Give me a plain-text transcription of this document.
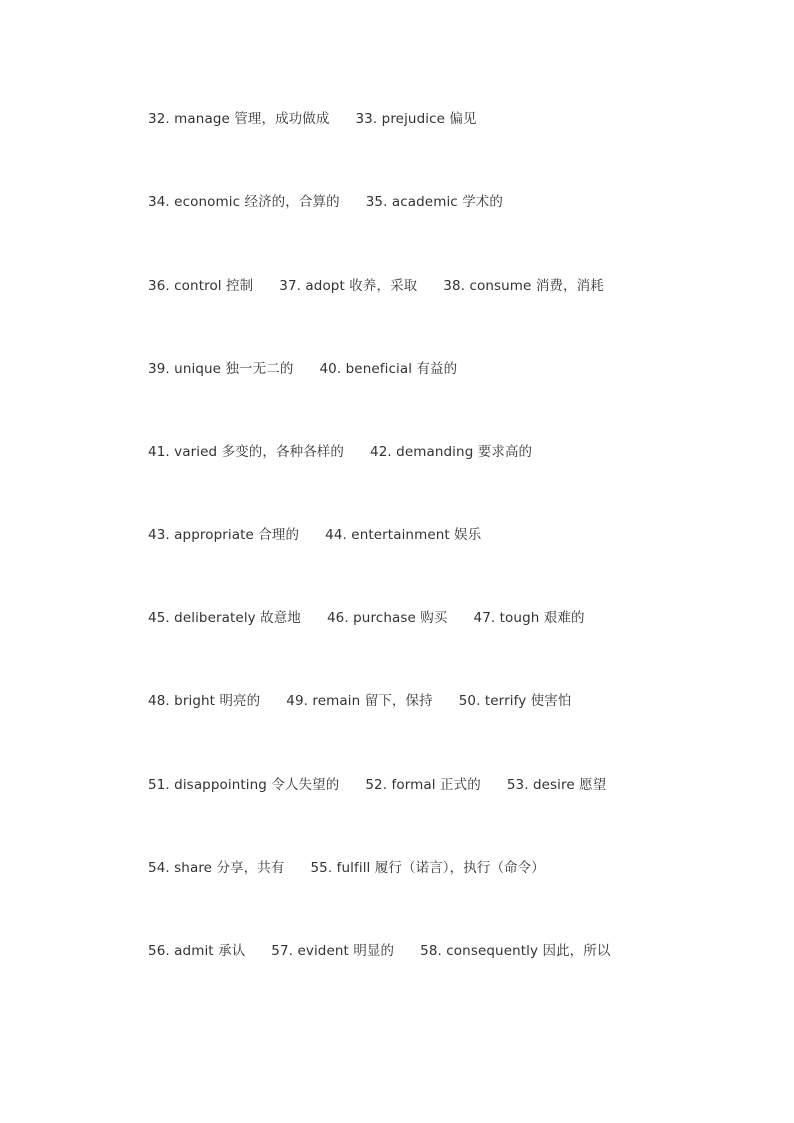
32. manage 管理，成功做成 33. prejudice 偏见
34. economic 经济的，合算的 35. academic 学术的
36. control 控制 37. adopt 收养，采取 38. consume 消费，消耗
39. unique 独一无二的 40. beneficial 有益的
41. varied 多变的，各种各样的 42. demanding 要求高的
43. appropriate 合理的 44. entertainment 娱乐
45. deliberately 故意地 46. purchase 购买 47. tough 艰难的
48. bright 明亮的 49. remain 留下，保持 50. terrify 使害怕
51. disappointing 令人失望的 52. formal 正式的 53. desire 愿望
54. share 分享，共有 55. fulfill 履行（诺言），执行（命令）
56. admit 承认 57. evident 明显的 58. consequently 因此，所以
